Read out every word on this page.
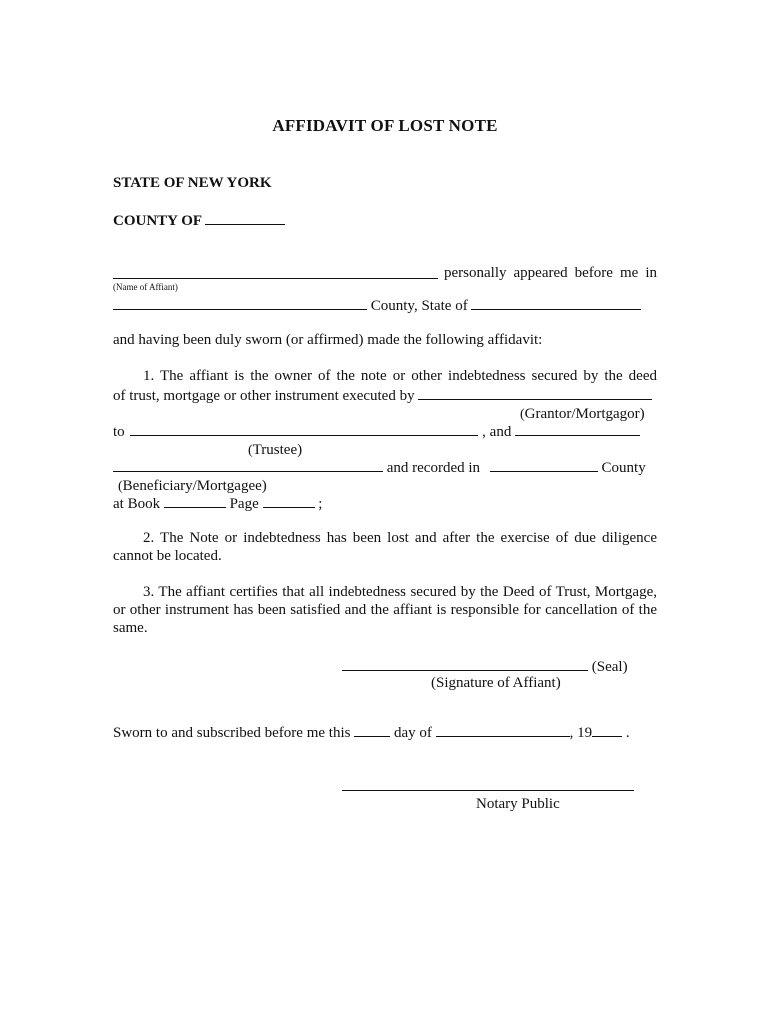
AFFIDAVIT OF LOST NOTE
STATE OF NEW YORK
COUNTY OF
personally appeared before me in
(Name of Affiant)
County, State of
and having been duly sworn (or affirmed) made the following affidavit:
1. The affiant is the owner of the note or other indebtedness secured by the deed
of trust, mortgage or other instrument executed by
(Grantor/Mortgagor)
to	, and
(Trustee)
and recorded in	County
(Beneficiary/Mortgagee)
at Book	Page	;
2. The Note or indebtedness has been lost and after the exercise of due diligence cannot be located.
3. The affiant certifies that all indebtedness secured by the Deed of Trust, Mortgage, or other instrument has been satisfied and the affiant is responsible for cancellation of the same.
(Seal)
(Signature of Affiant)
Sworn to and subscribed before me this	day of	, 19 .
Notary Public
